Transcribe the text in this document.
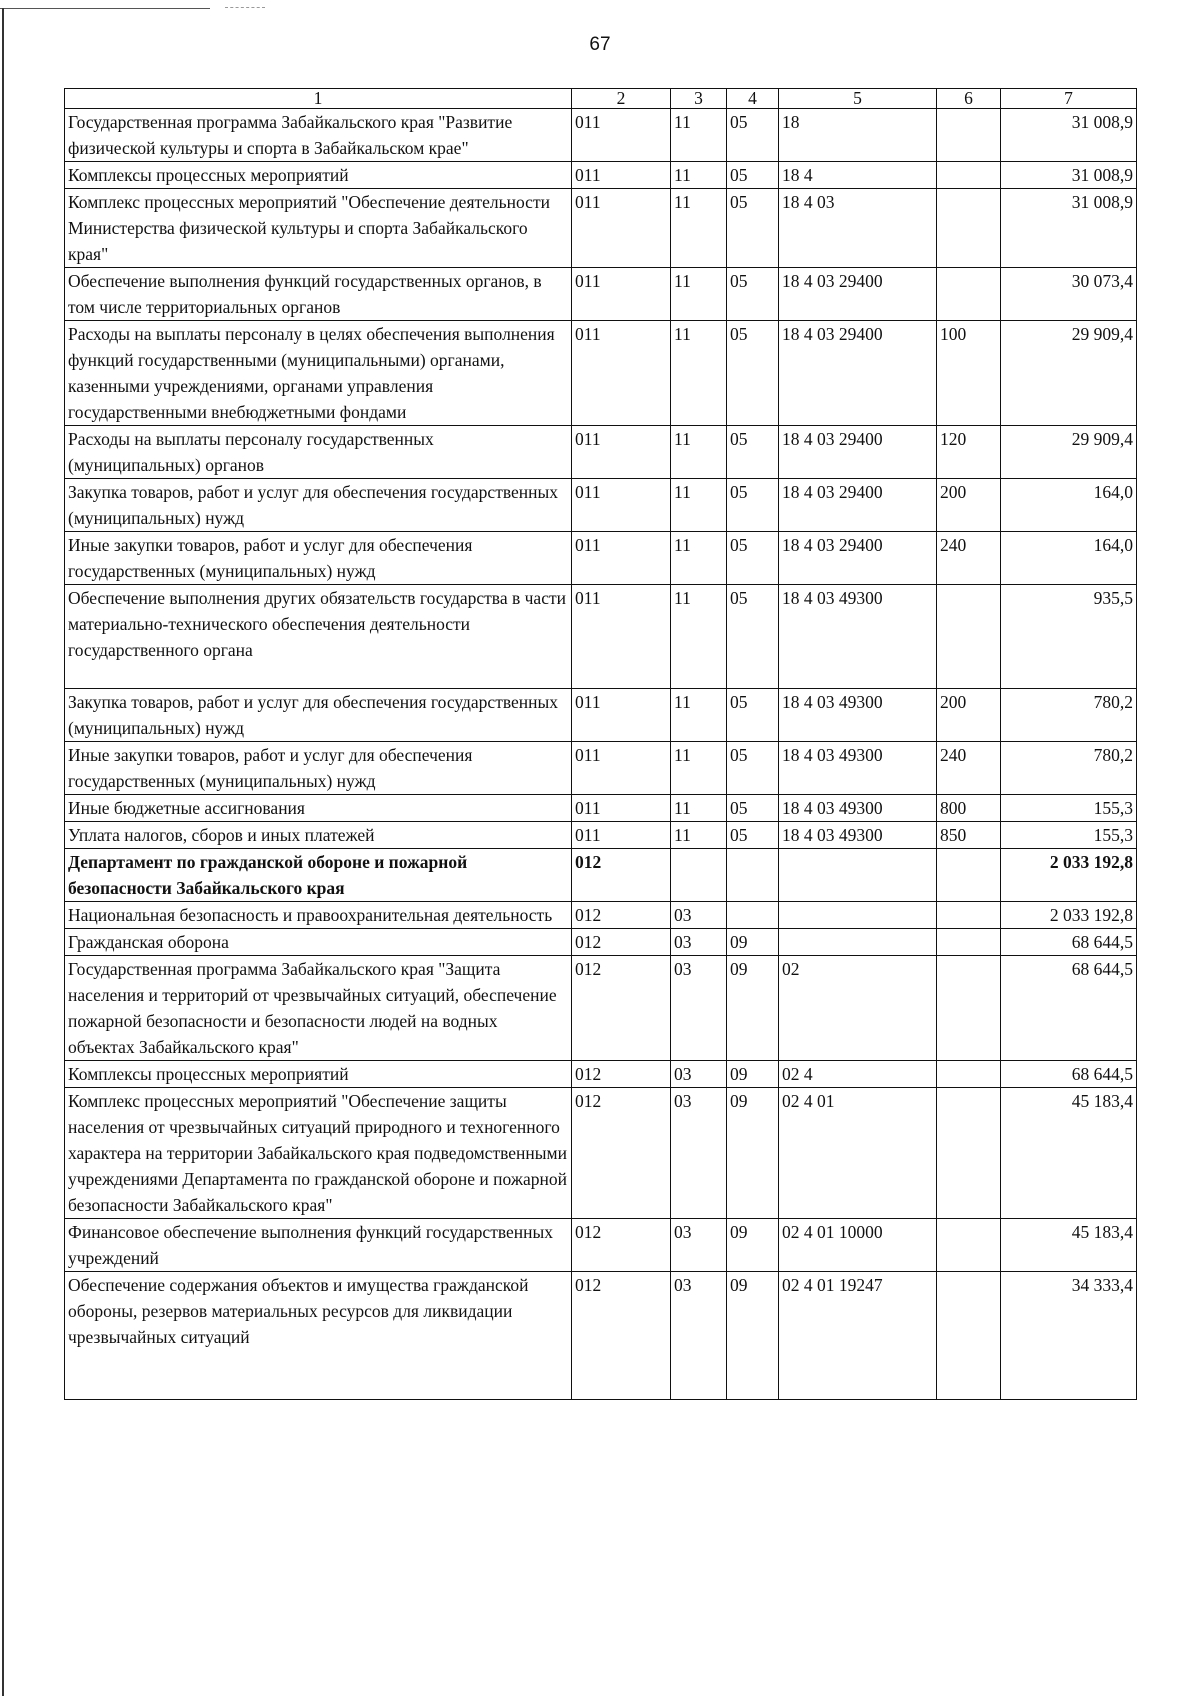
67
1	2	3	4	5	6	7
Государственная программа Забайкальского края "Развитие физической культуры и спорта в Забайкальском крае"	011	11	05	18		31 008,9
Комплексы процессных мероприятий	011	11	05	18 4		31 008,9
Комплекс процессных мероприятий "Обеспечение деятельности Министерства физической культуры и спорта Забайкальского края"	011	11	05	18 4 03		31 008,9
Обеспечение выполнения функций государственных органов, в том числе территориальных органов	011	11	05	18 4 03 29400		30 073,4
Расходы на выплаты персоналу в целях обеспечения выполнения функций государственными (муниципальными) органами, казенными учреждениями, органами управления государственными внебюджетными фондами	011	11	05	18 4 03 29400	100	29 909,4
Расходы на выплаты персоналу государственных (муниципальных) органов	011	11	05	18 4 03 29400	120	29 909,4
Закупка товаров, работ и услуг для обеспечения государственных (муниципальных) нужд	011	11	05	18 4 03 29400	200	164,0
Иные закупки товаров, работ и услуг для обеспечения государственных (муниципальных) нужд	011	11	05	18 4 03 29400	240	164,0
Обеспечение выполнения других обязательств государства в части материально-технического обеспечения деятельности государственного органа	011	11	05	18 4 03 49300		935,5
Закупка товаров, работ и услуг для обеспечения государственных (муниципальных) нужд	011	11	05	18 4 03 49300	200	780,2
Иные закупки товаров, работ и услуг для обеспечения государственных (муниципальных) нужд	011	11	05	18 4 03 49300	240	780,2
Иные бюджетные ассигнования	011	11	05	18 4 03 49300	800	155,3
Уплата налогов, сборов и иных платежей	011	11	05	18 4 03 49300	850	155,3
Департамент по гражданской обороне и пожарной безопасности Забайкальского края	012					2 033 192,8
Национальная безопасность и правоохранительная деятельность	012	03				2 033 192,8
Гражданская оборона	012	03	09			68 644,5
Государственная программа Забайкальского края "Защита населения и территорий от чрезвычайных ситуаций, обеспечение пожарной безопасности и безопасности людей на водных объектах Забайкальского края"	012	03	09	02		68 644,5
Комплексы процессных мероприятий	012	03	09	02 4		68 644,5
Комплекс процессных мероприятий "Обеспечение защиты населения от чрезвычайных ситуаций природного и техногенного характера на территории Забайкальского края подведомственными учреждениями Департамента по гражданской обороне и пожарной безопасности Забайкальского края"	012	03	09	02 4 01		45 183,4
Финансовое обеспечение выполнения функций государственных учреждений	012	03	09	02 4 01 10000		45 183,4
Обеспечение содержания объектов и имущества гражданской обороны, резервов материальных ресурсов для ликвидации чрезвычайных ситуаций	012	03	09	02 4 01 19247		34 333,4
